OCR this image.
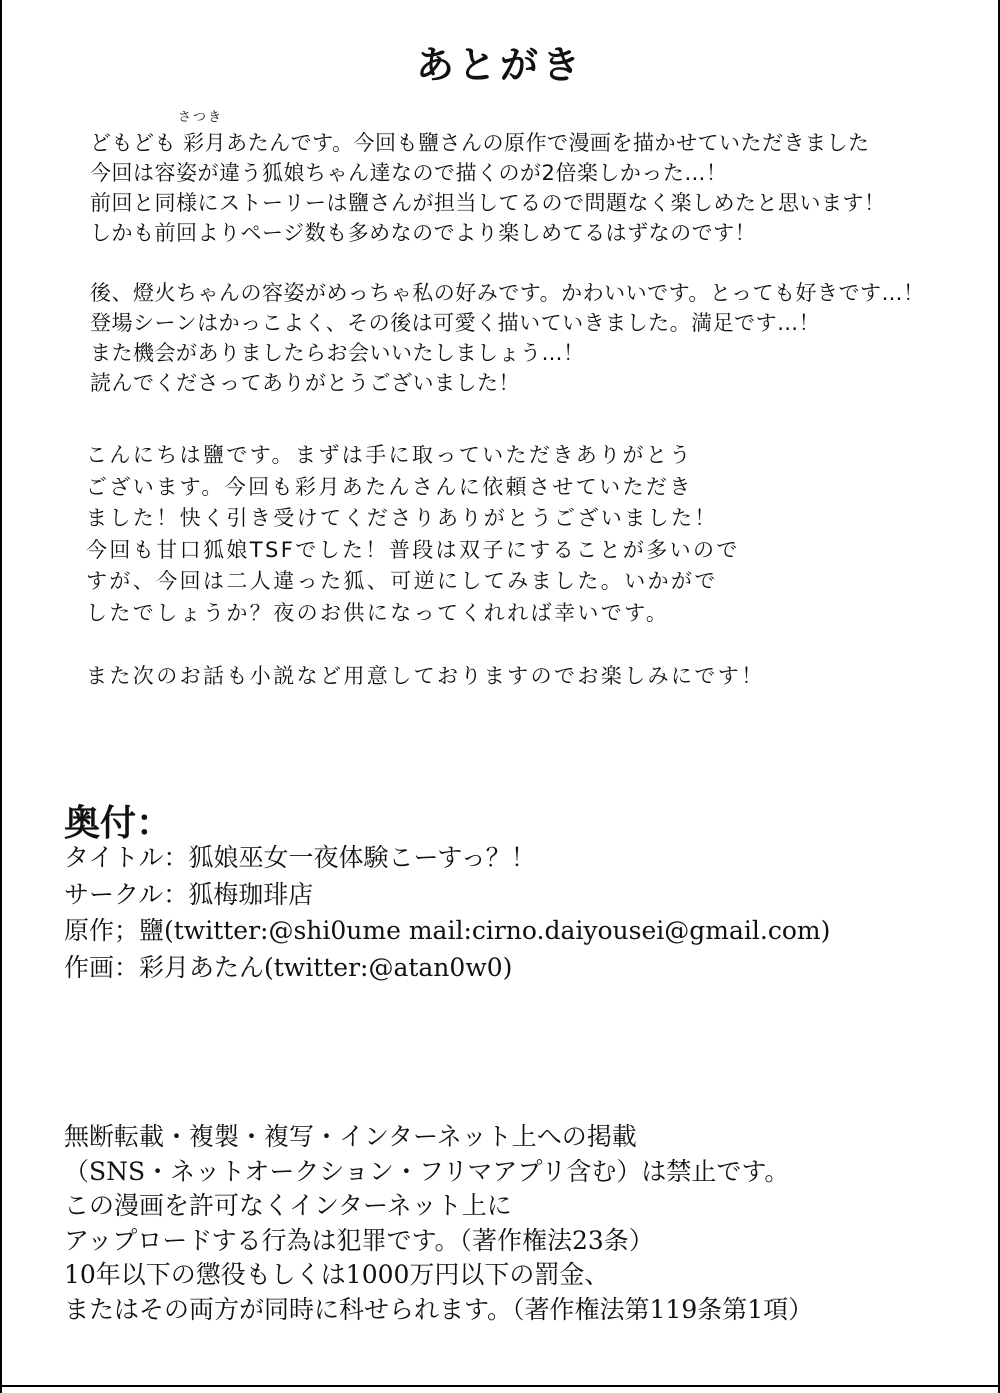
あとがき
さつき
どもども 彩月あたんです。今回も鹽さんの原作で漫画を描かせていただきました
今回は容姿が違う狐娘ちゃん達なので描くのが2倍楽しかった…！
前回と同様にストーリーは鹽さんが担当してるので問題なく楽しめたと思います！
しかも前回よりページ数も多めなのでより楽しめてるはずなのです！
後、燈火ちゃんの容姿がめっちゃ私の好みです。かわいいです。とっても好きです…！
登場シーンはかっこよく、その後は可愛く描いていきました。満足です…！
また機会がありましたらお会いいたしましょう…！
読んでくださってありがとうございました！
こんにちは鹽です。まずは手に取っていただきありがとう
ございます。今回も彩月あたんさんに依頼させていただき
ました！快く引き受けてくださりありがとうございました！
今回も甘口狐娘TSFでした！普段は双子にすることが多いので
すが、今回は二人違った狐、可逆にしてみました。いかがで
したでしょうか？夜のお供になってくれれば幸いです。
また次のお話も小説など用意しておりますのでお楽しみにです！
奥付：
タイトル：狐娘巫女一夜体験こーすっ？！
サークル：狐梅珈琲店
原作；鹽(twitter:@shi0ume mail:cirno.daiyousei@gmail.com)
作画：彩月あたん(twitter:@atan0w0)
無断転載・複製・複写・インターネット上への掲載
（SNS・ネットオークション・フリマアプリ含む）は禁止です。
この漫画を許可なくインターネット上に
アップロードする行為は犯罪です。（著作権法23条）
10年以下の懲役もしくは1000万円以下の罰金、
またはその両方が同時に科せられます。（著作権法第119条第1項）
